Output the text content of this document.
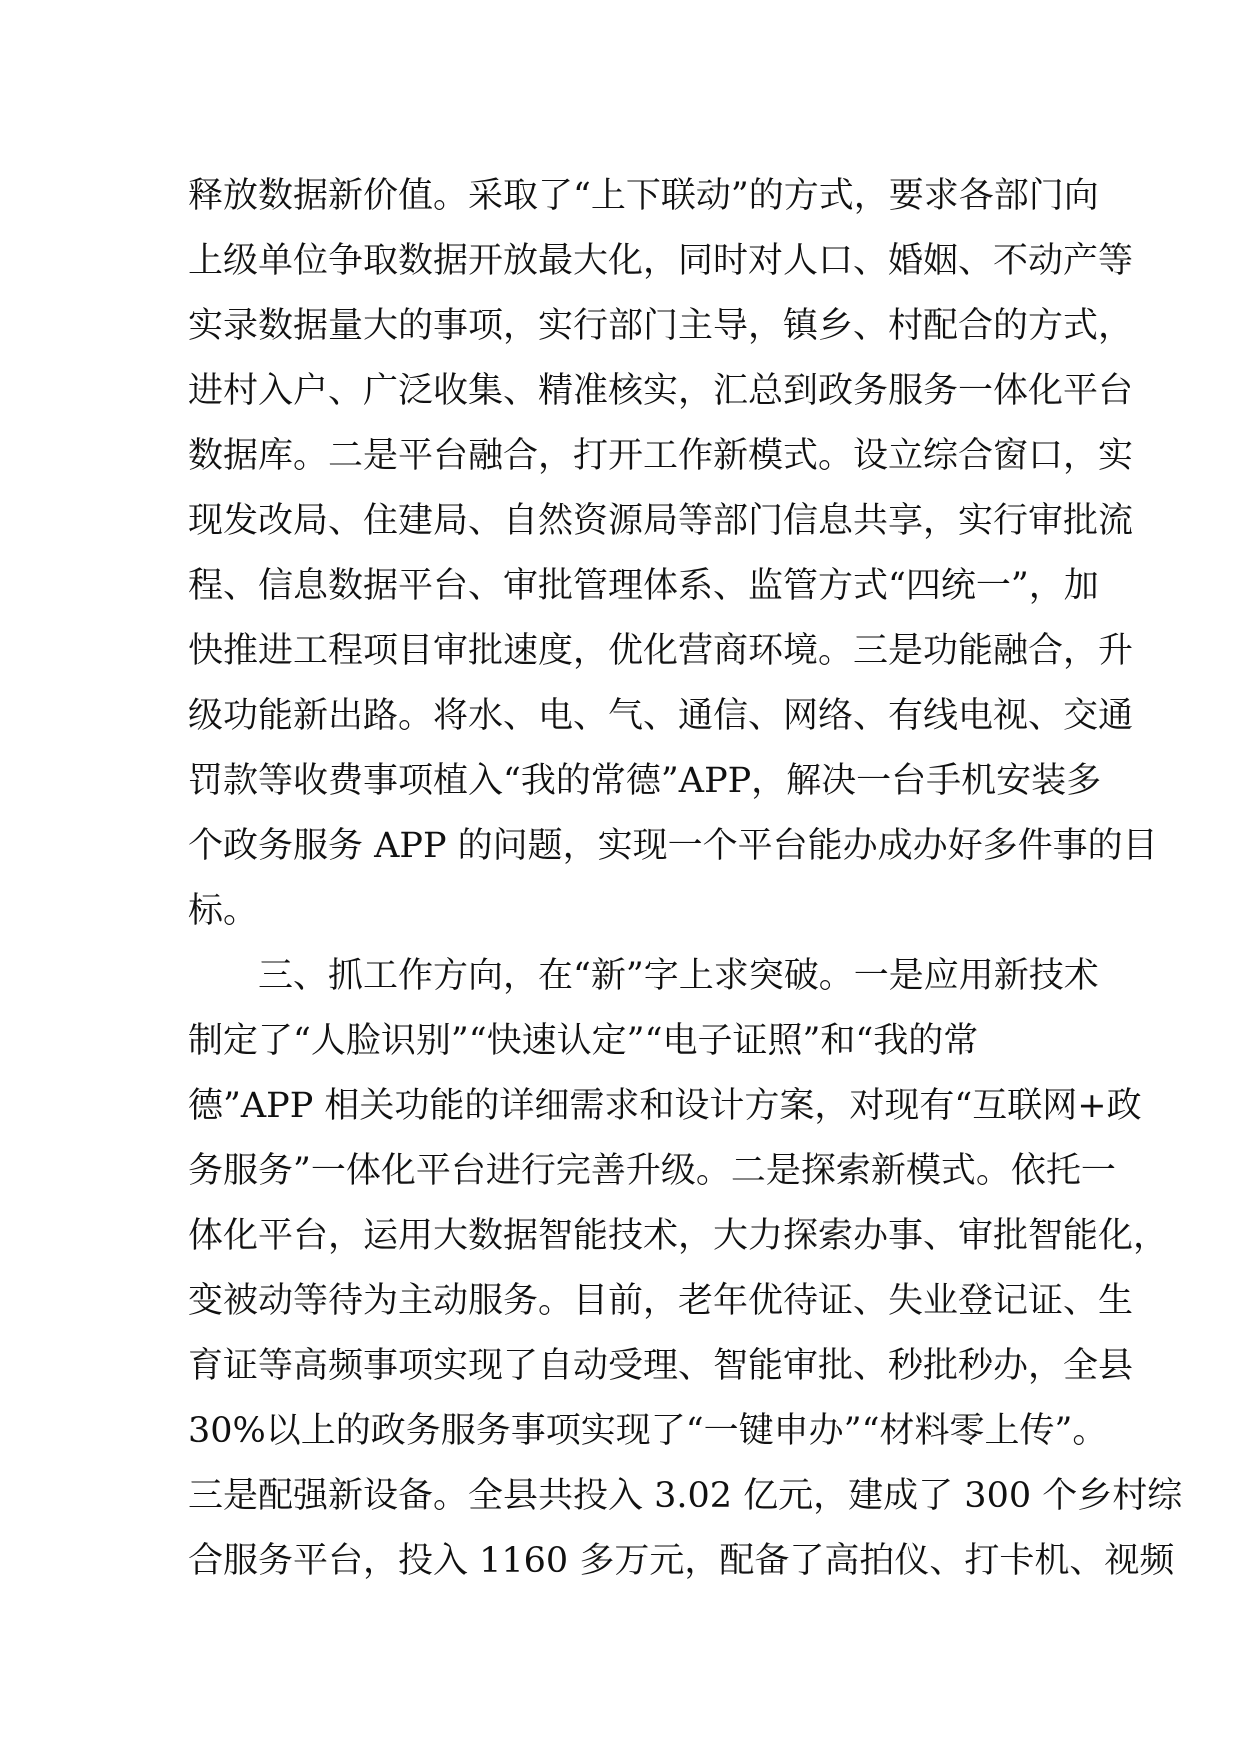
释放数据新价值。采取了“上下联动”的方式，要求各部门向
上级单位争取数据开放最大化，同时对人口、婚姻、不动产等
实录数据量大的事项，实行部门主导，镇乡、村配合的方式，
进村入户、广泛收集、精准核实，汇总到政务服务一体化平台
数据库。二是平台融合，打开工作新模式。设立综合窗口，实
现发改局、住建局、自然资源局等部门信息共享，实行审批流
程、信息数据平台、审批管理体系、监管方式“四统一”，加
快推进工程项目审批速度，优化营商环境。三是功能融合，升
级功能新出路。将水、电、气、通信、网络、有线电视、交通
罚款等收费事项植入“我的常德”APP，解决一台手机安装多
个政务服务 APP 的问题，实现一个平台能办成办好多件事的目
标。
三、抓工作方向，在“新”字上求突破。一是应用新技术
制定了“人脸识别”“快速认定”“电子证照”和“我的常
德”APP 相关功能的详细需求和设计方案，对现有“互联网+政
务服务”一体化平台进行完善升级。二是探索新模式。依托一
体化平台，运用大数据智能技术，大力探索办事、审批智能化，
变被动等待为主动服务。目前，老年优待证、失业登记证、生
育证等高频事项实现了自动受理、智能审批、秒批秒办，全县
30%以上的政务服务事项实现了“一键申办”“材料零上传”。
三是配强新设备。全县共投入 3.02 亿元，建成了 300 个乡村综
合服务平台，投入 1160 多万元，配备了高拍仪、打卡机、视频
